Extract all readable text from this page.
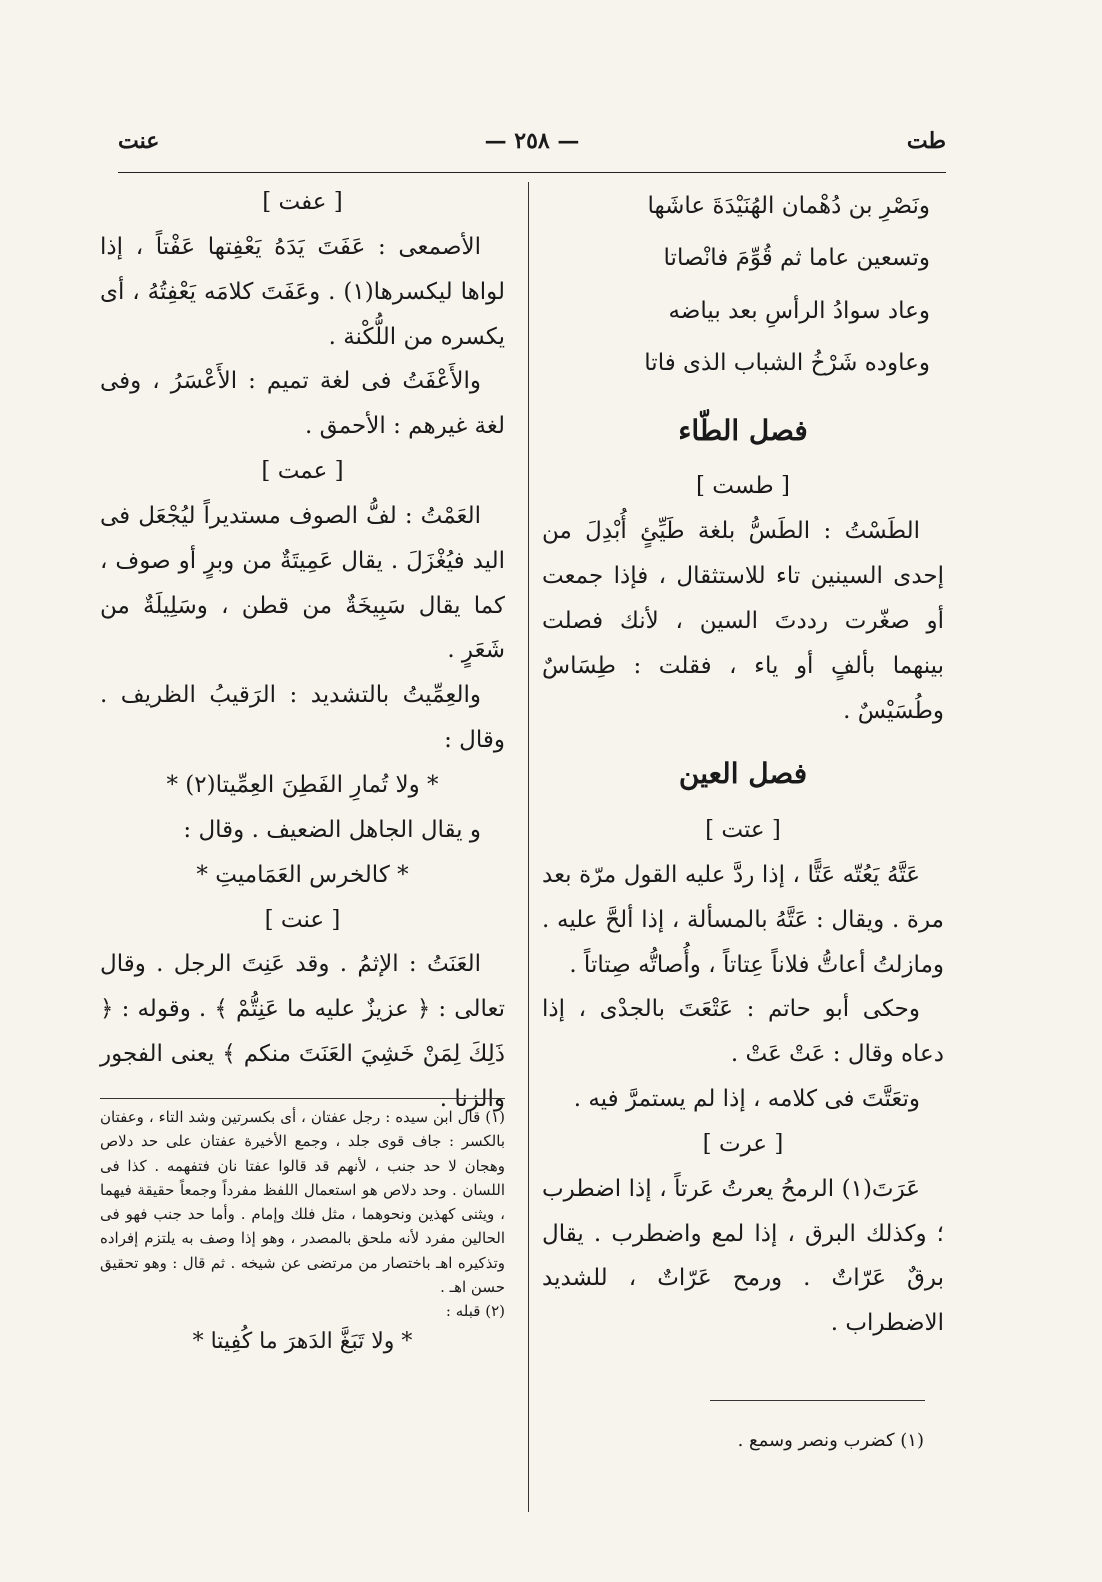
عنت	— ٢٥٨ —	طت

ونَصْرِ بن دُهْمان الهُنَيْدَةَ عاشَها

وتسعين عاما ثم قُوِّمَ فانْصاتا

وعاد سوادُ الرأسِ بعد بياضه

وعاوده شَرْخُ الشباب الذى فاتا

فصل الطّاء

[ طست ]

الطَسْتُ : الطَسُّ بلغة طَيِّئٍ أُبْدِلَ من إحدى السينين تاء للاستثقال ، فإذا جمعت أو صغّرت رددتَ السين ، لأنك فصلت بينهما بألفٍ أو ياء ، فقلت : طِسَاسٌ وطُسَيْسٌ .

فصل العين

[ عتت ]

عَتَّهُ يَعُتّه عَتًّا ، إذا ردَّ عليه القول مرّة بعد مرة . ويقال : عَتَّهُ بالمسألة ، إذا ألحَّ عليه . ومازلتُ أعاتُّ فلاناً عِتاتاً ، وأُصاتُّه صِتاتاً .

وحكى أبو حاتم : عَتْعَتَ بالجدْى ، إذا دعاه وقال : عَتْ عَتْ .

وتعَتَّتَ فى كلامه ، إذا لم يستمرَّ فيه .

[ عرت ]

عَرَتَ(١) الرمحُ يعرتُ عَرتاً ، إذا اضطرب ؛ وكذلك البرق ، إذا لمع واضطرب . يقال برقٌ عَرّاتٌ . ورمح عَرّاتٌ ، للشديد الاضطراب .

(١) كضرب ونصر وسمع .

[ عفت ]

الأصمعى : عَفَتَ يَدَهُ يَعْفِتها عَفْتاً ، إذا لواها ليكسرها(١) . وعَفَتَ كلامَه يَعْفِتُهُ ، أى يكسره من اللُّكْنة .

والأَعْفَتُ فى لغة تميم : الأَعْسَرُ ، وفى لغة غيرهم : الأحمق .

[ عمت ]

العَمْتُ : لفُّ الصوف مستديراً ليُجْعَل فى اليد فيُغْزَلَ . يقال عَمِيتَةٌ من وبرٍ أو صوف ، كما يقال سَبِيخَةٌ من قطن ، وسَلِيلَةٌ من شَعَرٍ .

والعِمِّيتُ بالتشديد : الرَقيبُ الظريف . وقال :

* ولا تُمارِ الفَطِنَ العِمِّيتا(٢) *

و يقال الجاهل الضعيف . وقال :

* كالخرس العَمَاميتِ *

[ عنت ]

العَنَتُ : الإثمُ . وقد عَنِتَ الرجل . وقال تعالى : ﴿ عزيزٌ عليه ما عَنِتُّمْ ﴾ . وقوله : ﴿ ذَلِكَ لِمَنْ خَشِيَ العَنَتَ منكم ﴾ يعنى الفجور والزنا .

(١) قال ابن سيده : رجل عفتان ، أى بكسرتين وشد التاء ، وعفتان بالكسر : جاف قوى جلد ، وجمع الأخيرة عفتان على حد دلاص وهجان لا حد جنب ، لأنهم قد قالوا عفتا نان فتفهمه . كذا فى اللسان . وحد دلاص هو استعمال اللفظ مفرداً وجمعاً حقيقة فيهما ، ويثنى كهذين ونحوهما ، مثل فلك وإمام . وأما حد جنب فهو فى الحالين مفرد لأنه ملحق بالمصدر ، وهو إذا وصف به يلتزم إفراده وتذكيره اهـ باختصار من مرتضى عن شيخه . ثم قال : وهو تحقيق حسن اهـ .

(٢) قبله :

* ولا تَبَغَّ الدَهرَ ما كُفِيتا *
